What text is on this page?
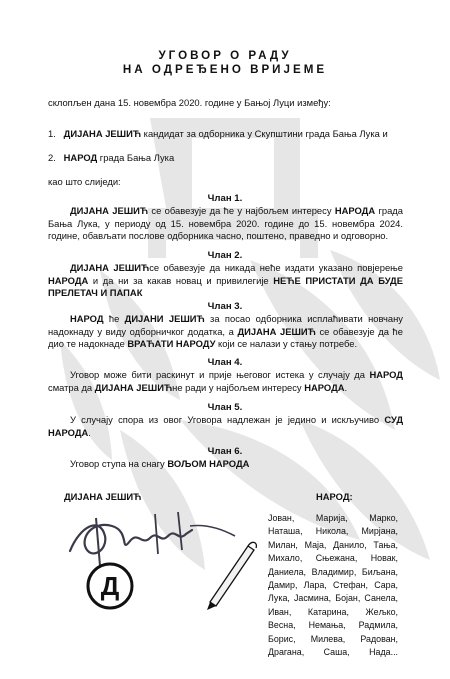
УГОВОР О РАДУ
НА ОДРЕЂЕНО ВРИЈЕМЕ
склопљен дана 15. новембра 2020. године у Бањој Луци између:
1. ДИЈАНА ЈЕШИЋ кандидат за одборника у Скупштини града Бања Лука и
2. НАРОД града Бања Лука
као што слиједи:
Члан 1.
ДИЈАНА ЈЕШИЋ се обавезује да ће у најбољем интересу НАРОДА града Бања Лука, у периоду од 15. новембра 2020. године до 15. новембра 2024. године, обављати послове одборника часно, поштено, праведно и одговорно.
Члан 2.
ДИЈАНА ЈЕШИЋсе обавезује да никада неће издати указано повјерење НАРОДА и да ни за какав новац и привилегије НЕЋЕ ПРИСТАТИ ДА БУДЕ ПРЕЛЕТАЧ И ПАПАК
Члан 3.
НАРОД ће ДИЈАНИ ЈЕШИЋ за посао одборника исплаћивати новчану надокнаду у виду одборничког додатка, а ДИЈАНА ЈЕШИЋ се обавезује да ће дио те надокнаде ВРАЋАТИ НАРОДУ који се налази у стању потребе.
Члан 4.
Уговор може бити раскинут и прије његовог истека у случају да НАРОД сматра да ДИЈАНА ЈЕШИЋне ради у најбољем интересу НАРОДА.
Члан 5.
У случају спора из овог Уговора надлежан је једино и искључиво СУД НАРОДА.
Члан 6.
Уговор ступа на снагу ВОЉОМ НАРОДА
ДИЈАНА ЈЕШИЋ	НАРОД:
Д
Јован, Марија, Марко,
Наташа, Никола, Мирјана,
Милан, Маја, Данило, Тања,
Михало, Сњежана, Новак,
Даниела, Владимир, Биљана,
Дамир, Лара, Стефан, Сара,
Лука, Јасмина, Бојан, Санела,
Иван, Катарина, Жељко,
Весна, Немања, Радмила,
Борис, Милева, Радован,
Драгана, Саша, Нада...
